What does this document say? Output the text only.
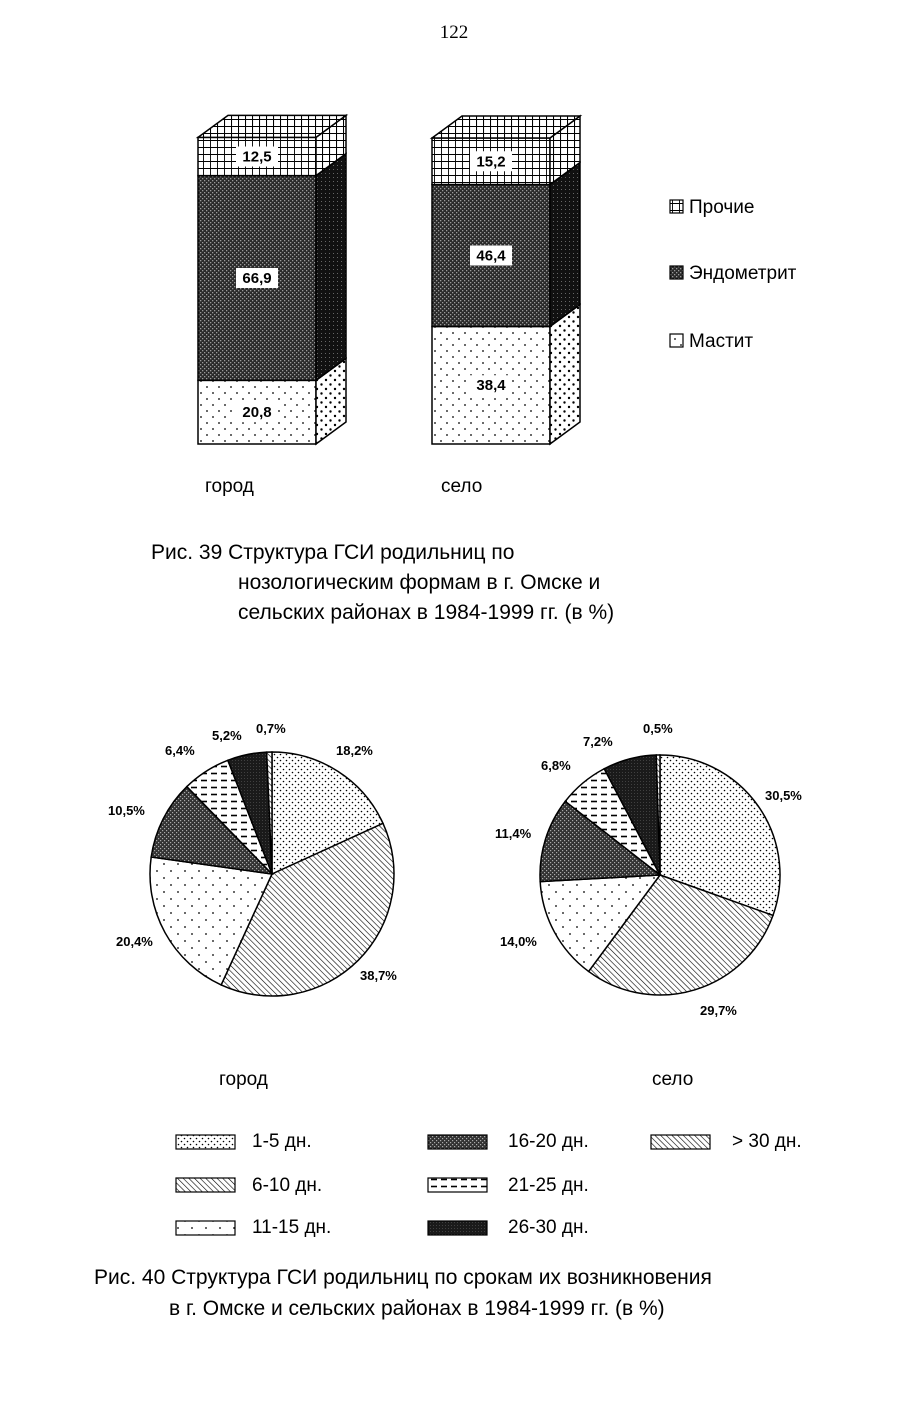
122
20,8
66,9
12,5
38,4
46,4
15,2
город	село
Прочие
Эндометрит
Мастит
Рис. 39 Структура ГСИ родильниц по
нозологическим формам в г. Омске и
сельских районах в 1984-1999 гг. (в %)
18,2%
38,7%
20,4%
10,5%
6,4%
5,2% 0,7%
30,5%
29,7%
14,0%
11,4%
6,8%
7,2%
0,5%
город	село
1-5 дн.
6-10 дн.
11-15 дн.
16-20 дн.
21-25 дн.
26-30 дн.
> 30 дн.
Рис. 40 Структура ГСИ родильниц по срокам их возникновения
в г. Омске и сельских районах в 1984-1999 гг. (в %)
